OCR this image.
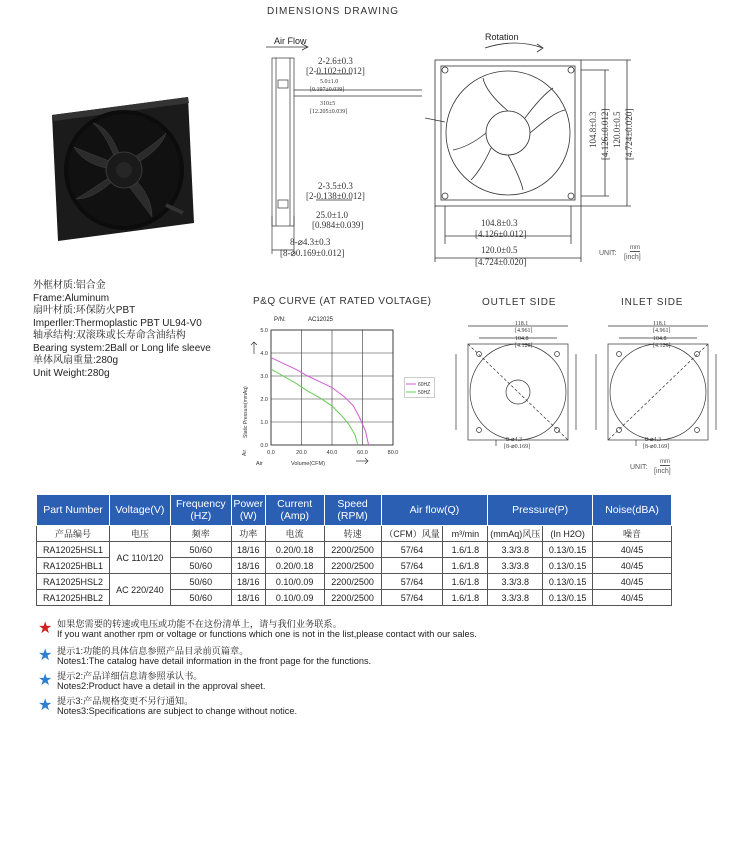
DIMENSIONS DRAWING
Air Flow
2-2.6±0.3
[2-0.102±0.012]
5.0±1.0
[0.197±0.039]
310±5
[12.205±0.039]
2-3.5±0.3
[2-0.138±0.012]
25.0±1.0
[0.984±0.039]
8-⌀4.3±0.3
[8-⌀0.169±0.012]
Rotation
104.8±0.3
[4.126±0.012]
120.0±0.5
[4.724±0.020]
104.8±0.3 [4.126±0.012] 120.0±0.5 [4.724±0.020]
UNIT:
mm
[inch]
外框材质:铝合金
Frame:Aluminum
扇叶材质:环保防火PBT
Imperller:Thermoplastic PBT UL94-V0
轴承结构:双滚珠或长寿命含油结构
Bearing system:2Ball or Long life sleeve
单体风扇重量:280g
Unit Weight:280g
P&Q CURVE (AT RATED VOLTAGE)
P/N:	AC12025
0.0	20.0	40.0	60.0	80.0
0.0
1.0
2.0
3.0
4.0
5.0
Static Pressure(mmAq)
Air
Volume(CFM)
Air
60HZ
50HZ
OUTLET SIDE	INLET SIDE
118.1
[4.961]
104.8
[4.126]
8-⌀4.3
[8-⌀0.169]
118.1
[4.961]
104.8
[4.126]
8-⌀4.3
[8-⌀0.169]
UNIT:
mm
[inch]
Part Number	Voltage(V)	Frequency (HZ)	Power (W)	Current (Amp)	Speed (RPM)	Air flow(Q)		Pressure(P)		Noise(dBA)
产品编号	电压	频率	功率	电流	转速	（CFM）风量	m³/min	(mmAq)风压	(In H2O)	噪音
RA12025HSL1	AC 110/120	50/60	18/16	0.20/0.18	2200/2500	57/64	1.6/1.8	3.3/3.8	0.13/0.15	40/45
RA12025HBL1		50/60	18/16	0.20/0.18	2200/2500	57/64	1.6/1.8	3.3/3.8	0.13/0.15	40/45
RA12025HSL2	AC 220/240	50/60	18/16	0.10/0.09	2200/2500	57/64	1.6/1.8	3.3/3.8	0.13/0.15	40/45
RA12025HBL2		50/60	18/16	0.10/0.09	2200/2500	57/64	1.6/1.8	3.3/3.8	0.13/0.15	40/45
★ 如果您需要的转速或电压或功能不在这份清单上，请与我们业务联系。
If you want another rpm or voltage or functions which one is not in the list,please contact with our sales.
★ 提示1:功能的具体信息参照产品目录前页篇章。
Notes1:The catalog have detail information in the front page for the functions.
★ 提示2:产品详细信息请参照承认书。
Notes2:Product have a detail in the approval sheet.
★ 提示3:产品规格变更不另行通知。
Notes3:Specifications are subject to change without notice.
